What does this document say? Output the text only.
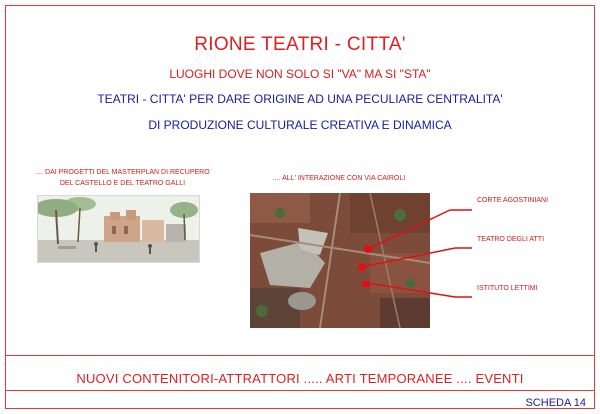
RIONE TEATRI - CITTA'
LUOGHI DOVE NON SOLO SI "VA" MA SI "STA"
TEATRI - CITTA' PER DARE ORIGINE AD UNA PECULIARE CENTRALITA'
DI PRODUZIONE CULTURALE CREATIVA E DINAMICA
.... DAI PROGETTI DEL MASTERPLAN DI RECUPERO
DEL CASTELLO E DEL TEATRO GALLI
.... ALL' INTERAZIONE CON VIA CAIROLI
CORTE AGOSTINIANI
TEATRO DEGLI ATTI
ISTITUTO LETTIMI
NUOVI CONTENITORI-ATTRATTORI ..... ARTI TEMPORANEE .... EVENTI
SCHEDA 14
